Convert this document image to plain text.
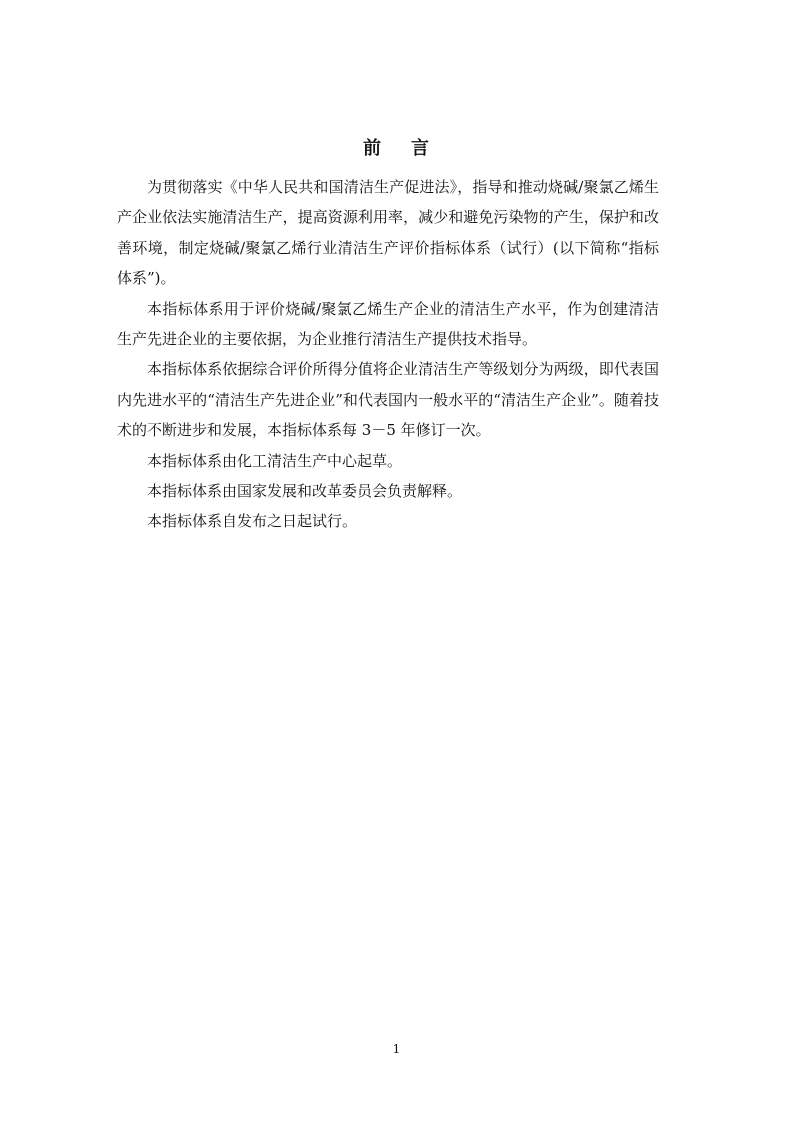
前    言

为贯彻落实《中华人民共和国清洁生产促进法》，指导和推动烧碱/聚氯乙烯生产企业依法实施清洁生产，提高资源利用率，减少和避免污染物的产生，保护和改善环境，制定烧碱/聚氯乙烯行业清洁生产评价指标体系（试行）(以下简称“指标体系”)。

本指标体系用于评价烧碱/聚氯乙烯生产企业的清洁生产水平，作为创建清洁生产先进企业的主要依据，为企业推行清洁生产提供技术指导。

本指标体系依据综合评价所得分值将企业清洁生产等级划分为两级，即代表国内先进水平的“清洁生产先进企业”和代表国内一般水平的“清洁生产企业”。随着技术的不断进步和发展，本指标体系每 3－5 年修订一次。

本指标体系由化工清洁生产中心起草。

本指标体系由国家发展和改革委员会负责解释。

本指标体系自发布之日起试行。

1
